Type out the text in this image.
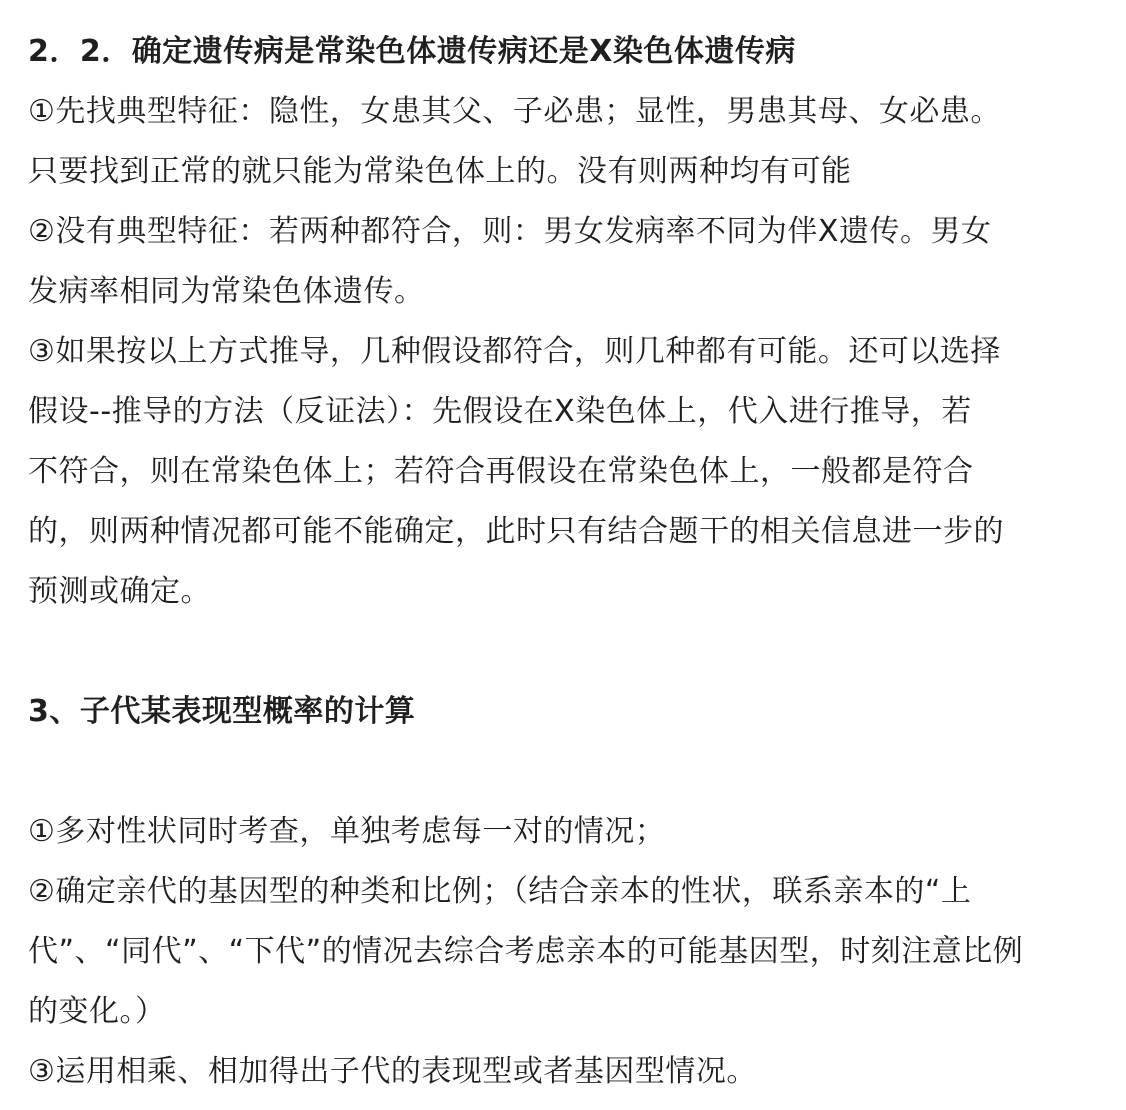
2．2．确定遗传病是常染色体遗传病还是X染色体遗传病
①先找典型特征：隐性，女患其父、子必患；显性，男患其母、女必患。
只要找到正常的就只能为常染色体上的。没有则两种均有可能
②没有典型特征：若两种都符合，则：男女发病率不同为伴X遗传。男女
发病率相同为常染色体遗传。
③如果按以上方式推导，几种假设都符合，则几种都有可能。还可以选择
假设--推导的方法（反证法）：先假设在X染色体上，代入进行推导，若
不符合，则在常染色体上；若符合再假设在常染色体上，一般都是符合
的，则两种情况都可能不能确定，此时只有结合题干的相关信息进一步的
预测或确定。
3、子代某表现型概率的计算
①多对性状同时考查，单独考虑每一对的情况；
②确定亲代的基因型的种类和比例；（结合亲本的性状，联系亲本的“上
代”、“同代”、“下代”的情况去综合考虑亲本的可能基因型，时刻注意比例
的变化。）
③运用相乘、相加得出子代的表现型或者基因型情况。
